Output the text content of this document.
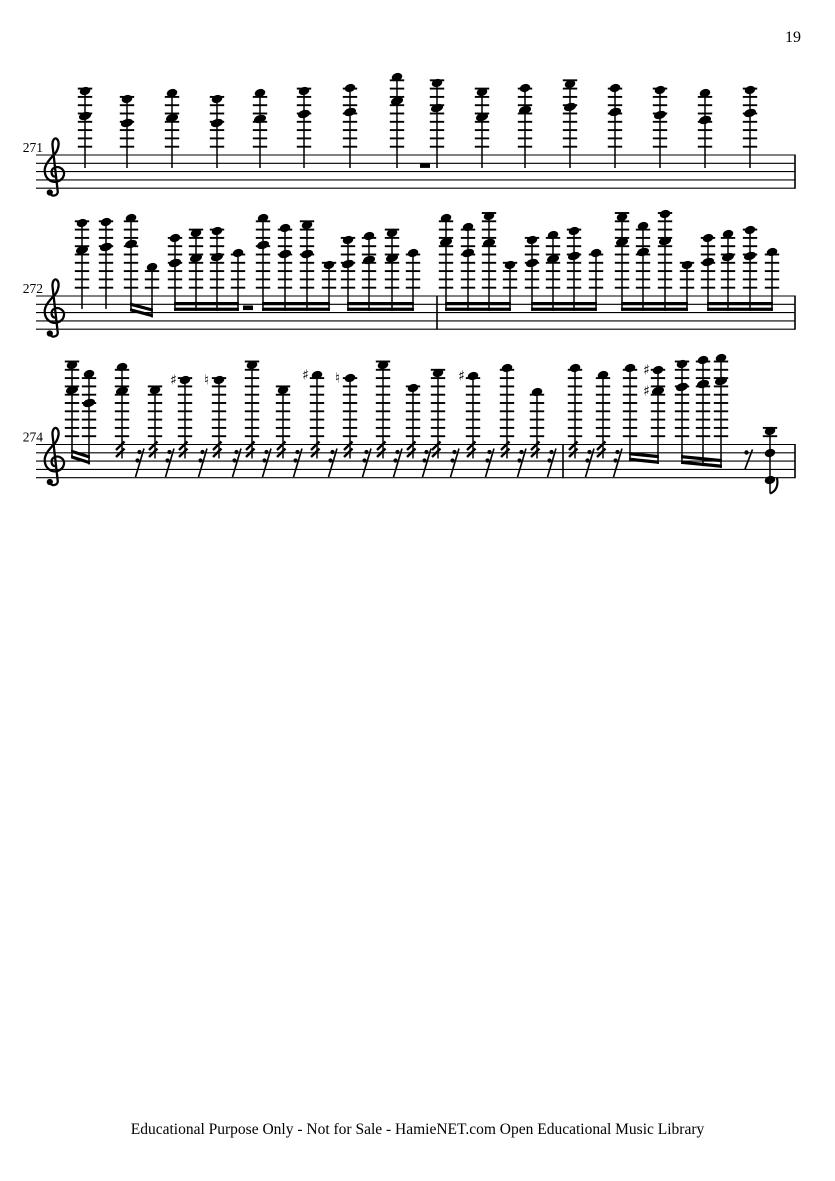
19
271
272
274
♯ ♮	♯ ♮	♯	♯
♯
Educational Purpose Only - Not for Sale - HamieNET.com Open Educational Music Library
